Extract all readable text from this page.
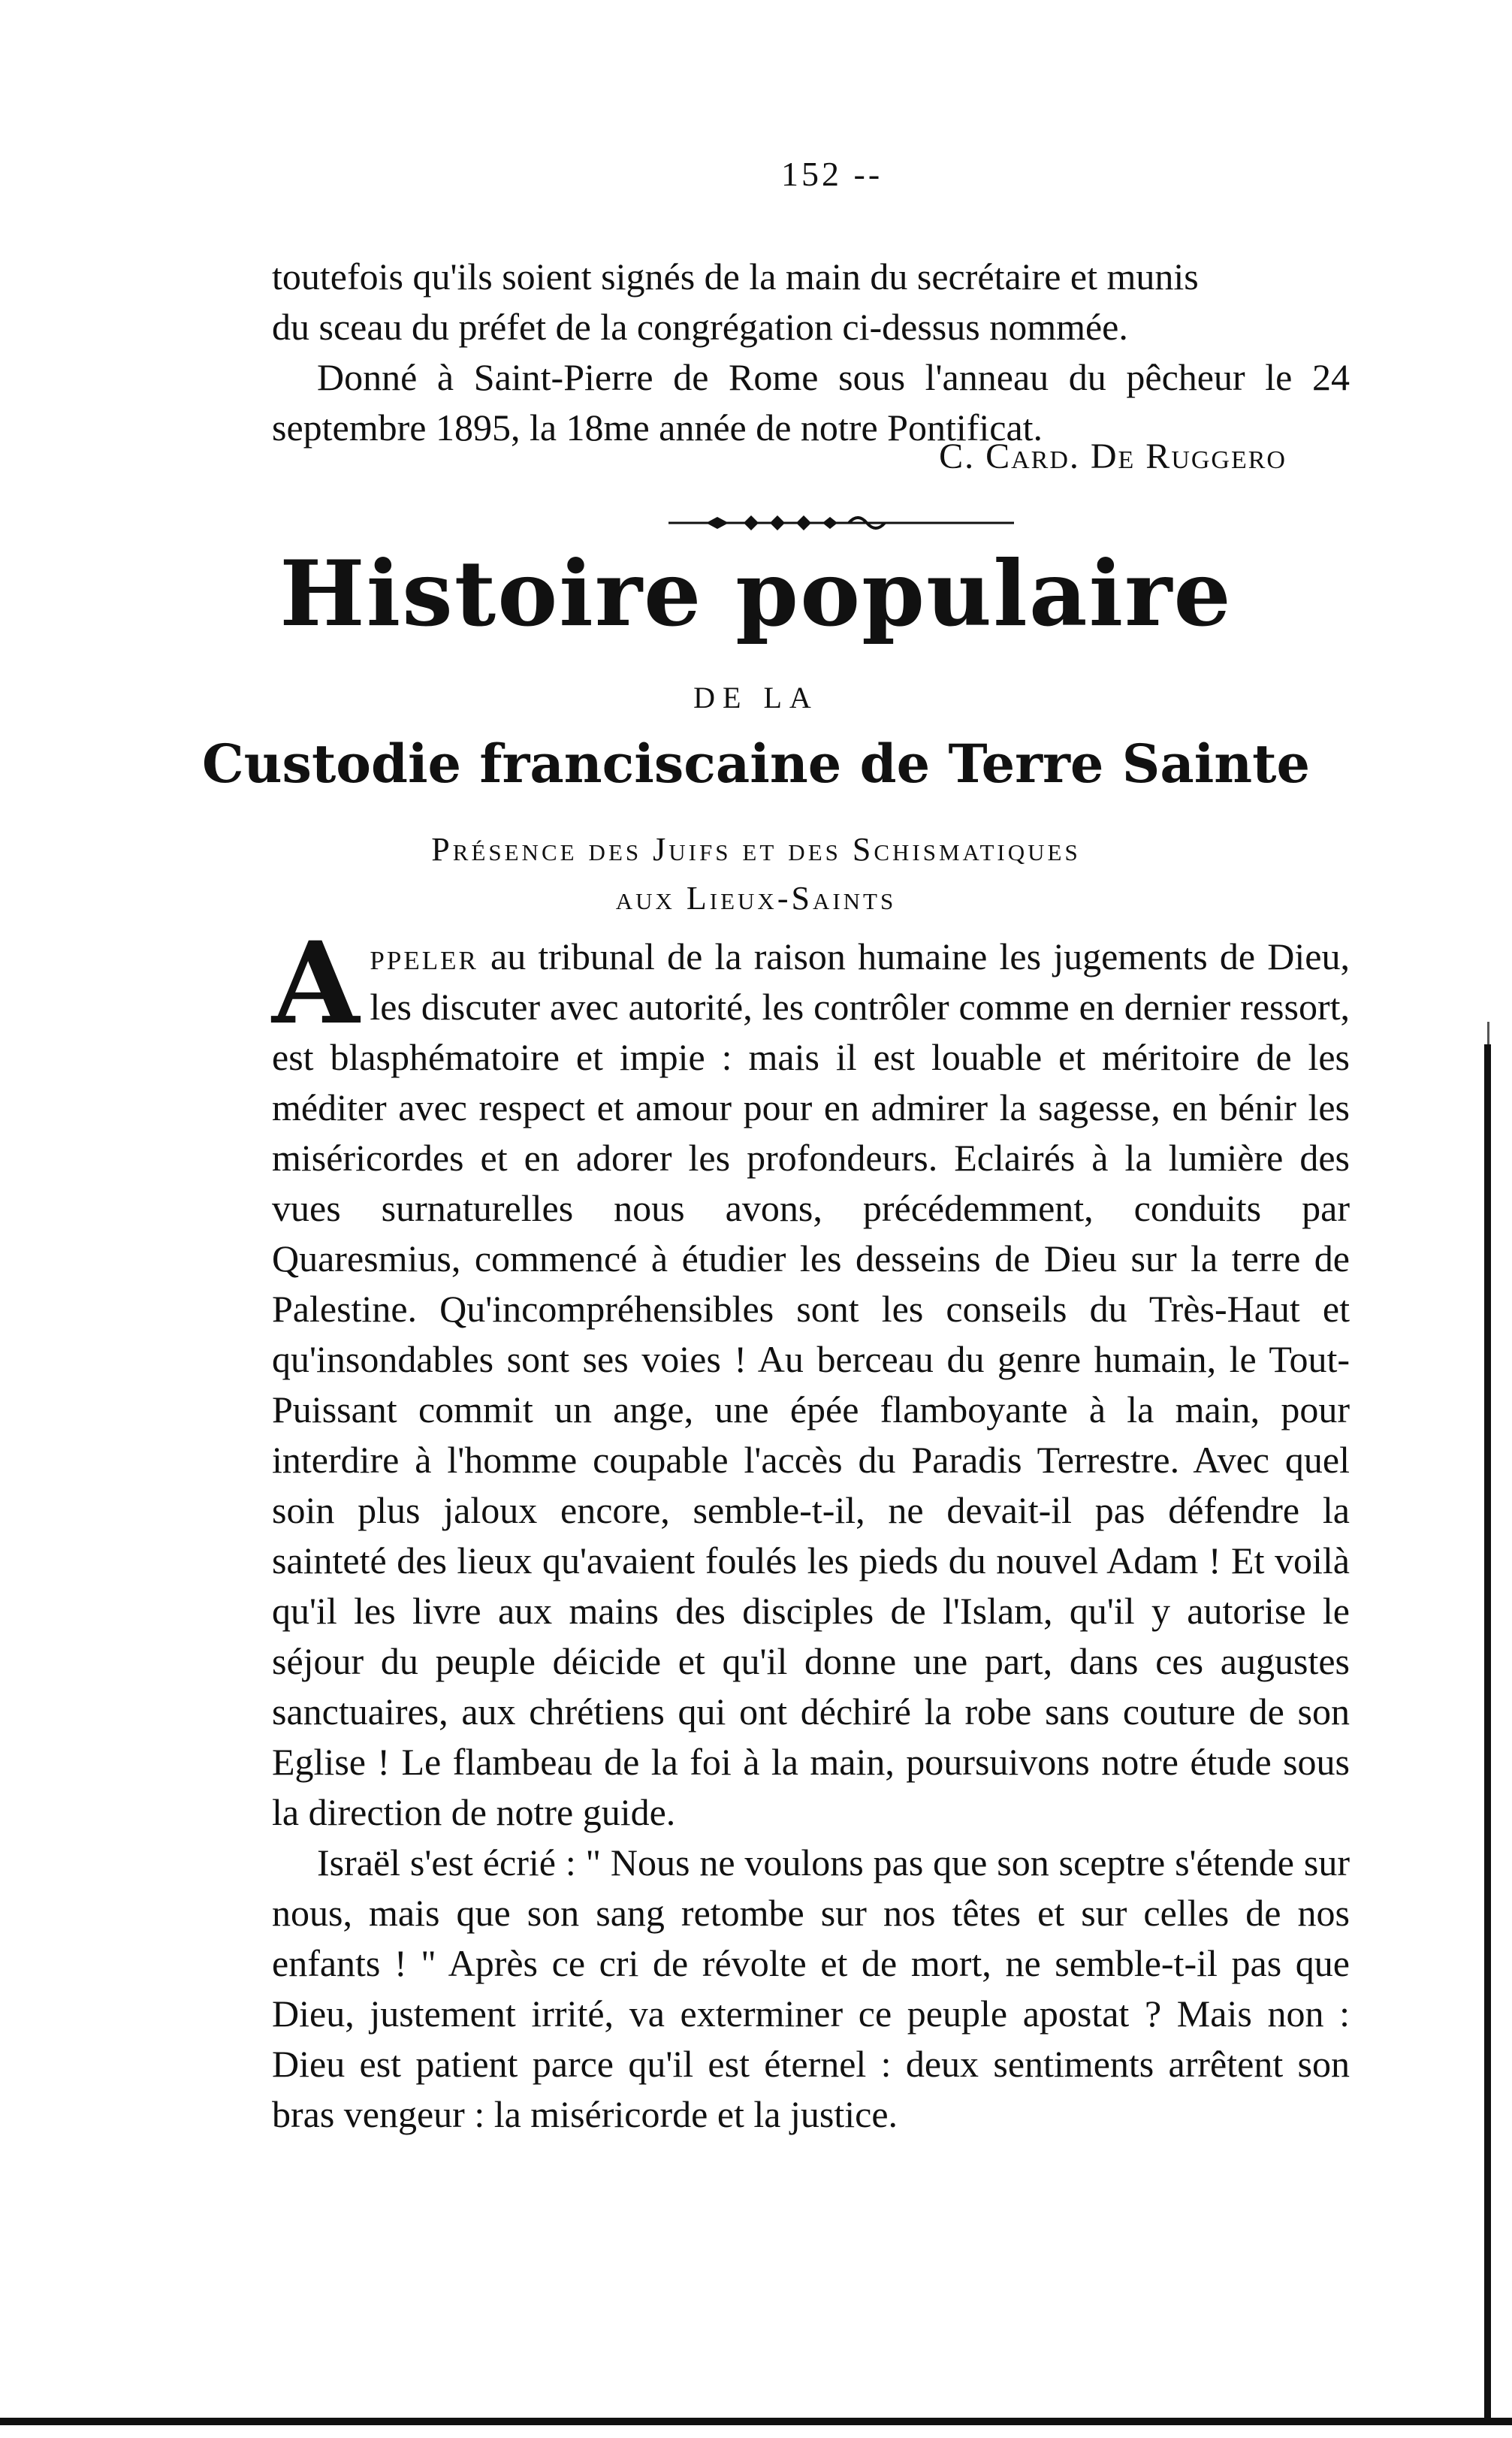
152 --

toutefois qu'ils soient signés de la main du secrétaire et munis

du sceau du préfet de la congrégation ci-dessus nommée.

Donné à Saint-Pierre de Rome sous l'anneau du pêcheur le 24 septembre 1895, la 18me année de notre Pontificat.

C. Card. De Ruggero
Histoire populaire
DE LA
Custodie franciscaine de Terre Sainte
Présence des Juifs et des Schismatiques
aux Lieux-Saints

Appeler au tribunal de la raison humaine les jugements de Dieu, les discuter avec autorité, les contrôler comme en dernier ressort, est blasphématoire et impie : mais il est louable et méritoire de les méditer avec respect et amour pour en admirer la sagesse, en bénir les miséricordes et en adorer les profondeurs. Eclairés à la lumière des vues surnaturelles nous avons, précédemment, conduits par Quaresmius, commencé à étudier les desseins de Dieu sur la terre de Palestine. Qu'incompréhensibles sont les conseils du Très-Haut et qu'insondables sont ses voies ! Au berceau du genre humain, le Tout-Puissant commit un ange, une épée flamboyante à la main, pour interdire à l'homme coupable l'accès du Paradis Terrestre. Avec quel soin plus jaloux encore, semble-t-il, ne devait-il pas défendre la sainteté des lieux qu'avaient foulés les pieds du nouvel Adam ! Et voilà qu'il les livre aux mains des disciples de l'Islam, qu'il y autorise le séjour du peuple déicide et qu'il donne une part, dans ces augustes sanctuaires, aux chrétiens qui ont déchiré la robe sans couture de son Eglise ! Le flambeau de la foi à la main, poursuivons notre étude sous la direction de notre guide.

Israël s'est écrié : " Nous ne voulons pas que son sceptre s'étende sur nous, mais que son sang retombe sur nos têtes et sur celles de nos enfants ! " Après ce cri de révolte et de mort, ne semble-t-il pas que Dieu, justement irrité, va exterminer ce peuple apostat ? Mais non : Dieu est patient parce qu'il est éternel : deux sentiments arrêtent son bras vengeur : la miséricorde et la justice.
